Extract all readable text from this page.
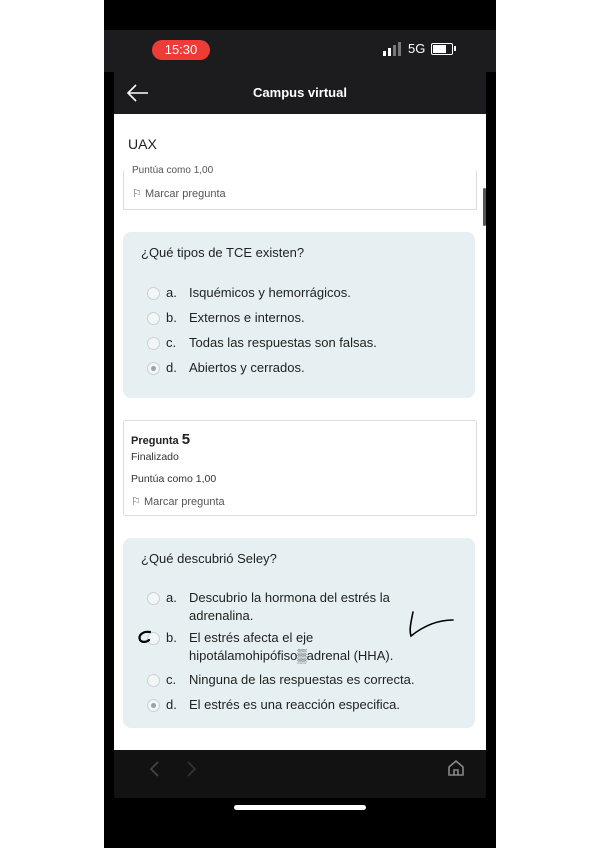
15:30	5G
Campus virtual
UAX
Puntúa como 1,00
⚐ Marcar pregunta
¿Qué tipos de TCE existen?
a. Isquémicos y hemorrágicos.
b. Externos e internos.
c. Todas las respuestas son falsas.
d. Abiertos y cerrados.
Pregunta 5
Finalizado
Puntúa como 1,00
⚐ Marcar pregunta
¿Qué descubrió Seley?
a. Descubrio la hormona del estrés la adrenalina.
b. El estrés afecta el eje hipotálamohipófiso▒adrenal (HHA).
c. Ninguna de las respuestas es correcta.
d. El estrés es una reacción especifica.
